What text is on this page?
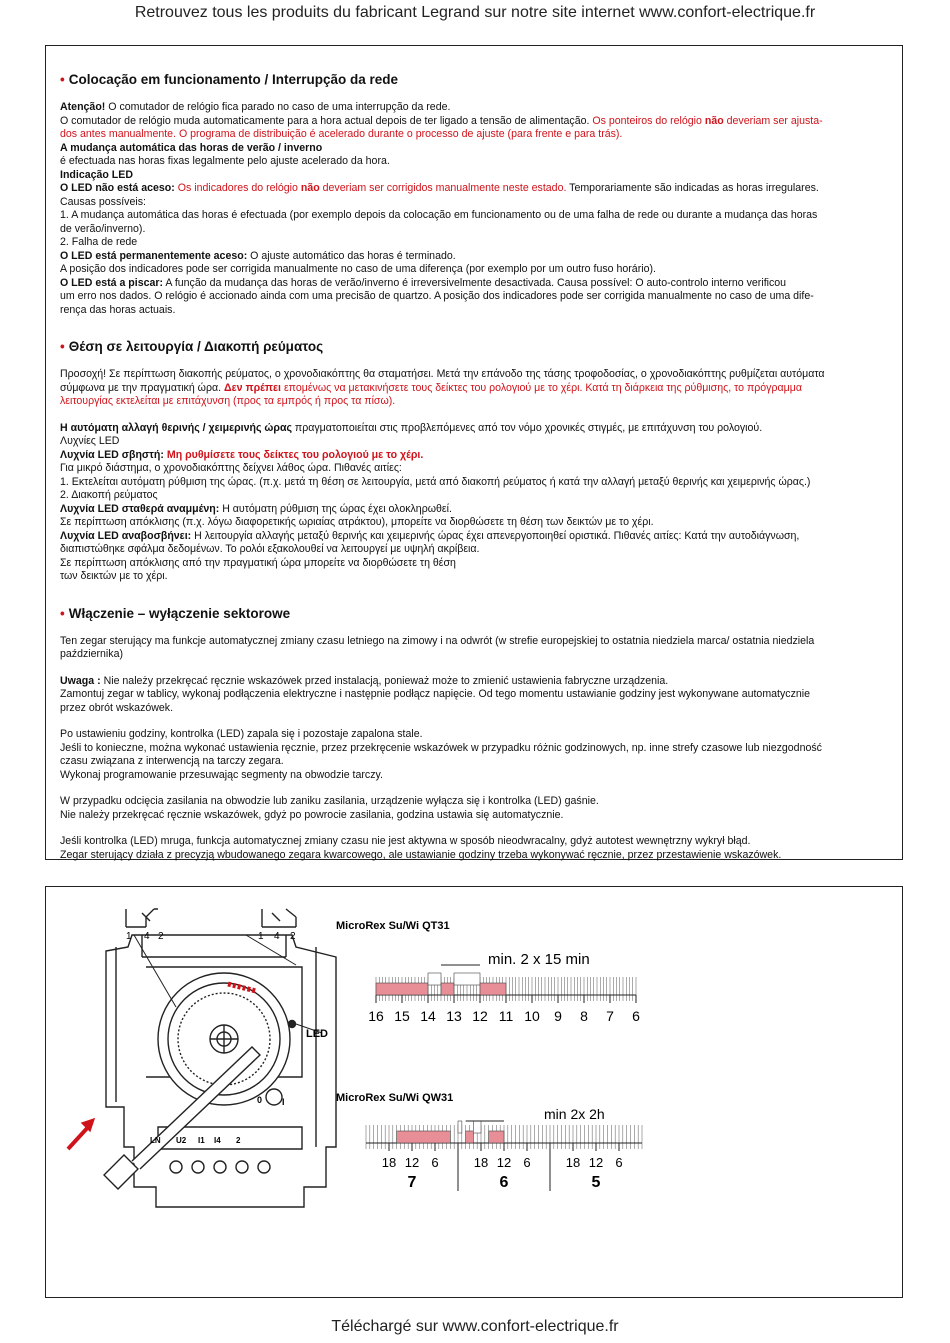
Retrouvez tous les produits du fabricant Legrand sur notre site internet www.confort-electrique.fr
• Colocação em funcionamento / Interrupção da rede

Atenção! O comutador de relógio fica parado no caso de uma interrupção da rede.

O comutador de relógio muda automaticamente para a hora actual depois de ter ligado a tensão de alimentação. Os ponteiros do relógio não deveriam ser ajusta-

dos antes manualmente. O programa de distribuição é acelerado durante o processo de ajuste (para frente e para trás).

A mudança automática das horas de verão / inverno

é efectuada nas horas fixas legalmente pelo ajuste acelerado da hora.

Indicação LED

O LED não está aceso: Os indicadores do relógio não deveriam ser corrigidos manualmente neste estado. Temporariamente são indicadas as horas irregulares.

Causas possíveis:

1. A mudança automática das horas é efectuada (por exemplo depois da colocação em funcionamento ou de uma falha de rede ou durante a mudança das horas

de verão/inverno).

2. Falha de rede

O LED está permanentemente aceso: O ajuste automático das horas é terminado.

A posição dos indicadores pode ser corrigida manualmente no caso de uma diferença (por exemplo por um outro fuso horário).

O LED está a piscar: A função da mudança das horas de verão/inverno é irreversivelmente desactivada. Causa possível: O auto-controlo interno verificou

um erro nos dados. O relógio é accionado ainda com uma precisão de quartzo. A posição dos indicadores pode ser corrigida manualmente no caso de uma dife-

rença das horas actuais.

• Θέση σε λειτουργία / Διακοπή ρεύματος

Προσοχή! Σε περίπτωση διακοπής ρεύματος, ο χρονοδιακόπτης θα σταματήσει. Μετά την επάνοδο της τάσης τροφοδοσίας, ο χρονοδιακόπτης ρυθμίζεται αυτόματα

σύμφωνα με την πραγματική ώρα. Δεν πρέπει επομένως να μετακινήσετε τους δείκτες του ρολογιού με το χέρι. Κατά τη διάρκεια της ρύθμισης, το πρόγραμμα

λειτουργίας εκτελείται με επιτάχυνση (προς τα εμπρός ή προς τα πίσω).

Η αυτόματη αλλαγή θερινής / χειμερινής ώρας πραγματοποιείται στις προβλεπόμενες από τον νόμο χρονικές στιγμές, με επιτάχυνση του ρολογιού.

Λυχνίες LED

Λυχνία LED σβηστή: Μη ρυθμίσετε τους δείκτες του ρολογιού με το χέρι.

Για μικρό διάστημα, ο χρονοδιακόπτης δείχνει λάθος ώρα. Πιθανές αιτίες:

1. Εκτελείται αυτόματη ρύθμιση της ώρας. (π.χ. μετά τη θέση σε λειτουργία, μετά από διακοπή ρεύματος ή κατά την αλλαγή μεταξύ θερινής και χειμερινής ώρας.)

2. Διακοπή ρεύματος

Λυχνία LED σταθερά αναμμένη: Η αυτόματη ρύθμιση της ώρας έχει ολοκληρωθεί.

Σε περίπτωση απόκλισης (π.χ. λόγω διαφορετικής ωριαίας ατράκτου), μπορείτε να διορθώσετε τη θέση των δεικτών με το χέρι.

Λυχνία LED αναβοσβήνει: Η λειτουργία αλλαγής μεταξύ θερινής και χειμερινής ώρας έχει απενεργοποιηθεί οριστικά. Πιθανές αιτίες: Κατά την αυτοδιάγνωση,

διαπιστώθηκε σφάλμα δεδομένων. Το ρολόι εξακολουθεί να λειτουργεί με υψηλή ακρίβεια.

Σε περίπτωση απόκλισης από την πραγματική ώρα μπορείτε να διορθώσετε τη θέση

των δεικτών με το χέρι.

• Włączenie – wyłączenie sektorowe

Ten zegar sterujący ma funkcje automatycznej zmiany czasu letniego na zimowy i na odwrót (w strefie europejskiej to ostatnia niedziela marca/ ostatnia niedziela

października)

Uwaga : Nie należy przekręcać ręcznie wskazówek przed instalacją, ponieważ może to zmienić ustawienia fabryczne urządzenia.

Zamontuj zegar w tablicy, wykonaj podłączenia elektryczne i następnie podłącz napięcie. Od tego momentu ustawianie godziny jest wykonywane automatycznie

przez obrót wskazówek.

Po ustawieniu godziny, kontrolka (LED) zapala się i pozostaje zapalona stale.

Jeśli to konieczne, można wykonać ustawienia ręcznie, przez przekręcenie wskazówek w przypadku różnic godzinowych, np. inne strefy czasowe lub niezgodność

czasu związana z interwencją na tarczy zegara.

Wykonaj programowanie przesuwając segmenty na obwodzie tarczy.

W przypadku odcięcia zasilania na obwodzie lub zaniku zasilania, urządzenie wyłącza się i kontrolka (LED) gaśnie.

Nie należy przekręcać ręcznie wskazówek, gdyż po powrocie zasilania, godzina ustawia się automatycznie.

Jeśli kontrolka (LED) mruga, funkcja automatycznej zmiany czasu nie jest aktywna w sposób nieodwracalny, gdyż autotest wewnętrzny wykrył błąd.

Zegar sterujący działa z precyzją wbudowanego zegara kwarcowego, ale ustawianie godziny trzeba wykonywać ręcznie, przez przestawienie wskazówek.

1 4 2	1 4 2
LED
0 I
LN U2 I1 I4 2
MicroRex Su/Wi QT31
16 15 14 13 12 11 10 9 8 7 6
min. 2 x 15 min
MicroRex Su/Wi QW31
18 12 6
7
18 12 6
6
18 12 6
5
min 2x 2h
Téléchargé sur www.confort-electrique.fr
